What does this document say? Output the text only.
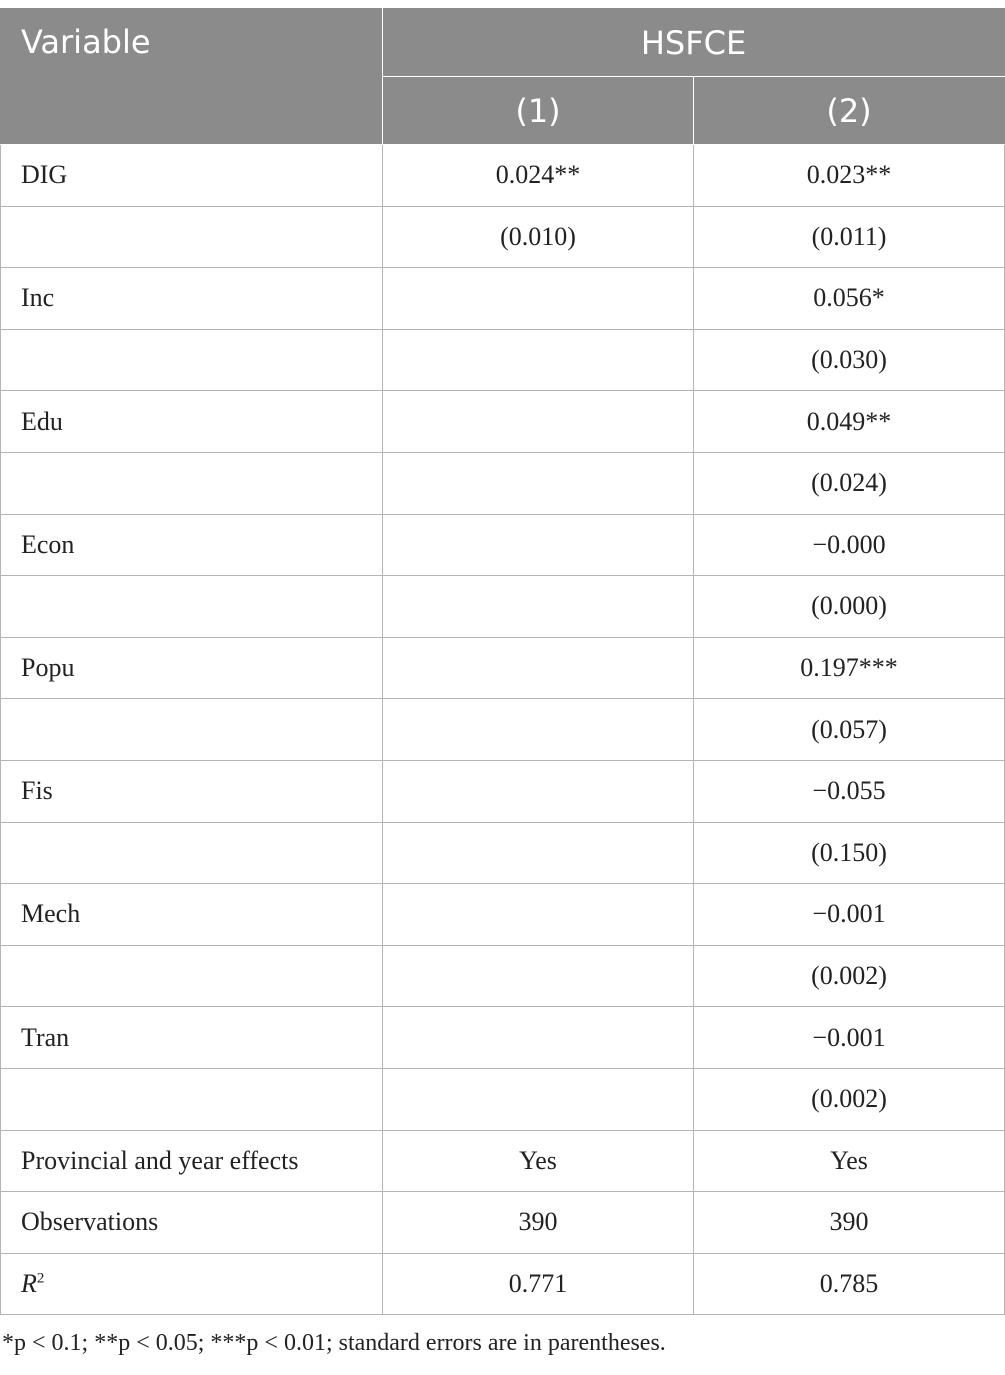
Variable	HSFCE	
	(1)	(2)
DIG	0.024**	0.023**
	(0.010)	(0.011)
Inc		0.056*
		(0.030)
Edu		0.049**
		(0.024)
Econ		−0.000
		(0.000)
Popu		0.197***
		(0.057)
Fis		−0.055
		(0.150)
Mech		−0.001
		(0.002)
Tran		−0.001
		(0.002)
Provincial and year effects	Yes	Yes
Observations	390	390
$R^2$	0.771	0.785
*p < 0.1; **p < 0.05; ***p < 0.01; standard errors are in parentheses.
